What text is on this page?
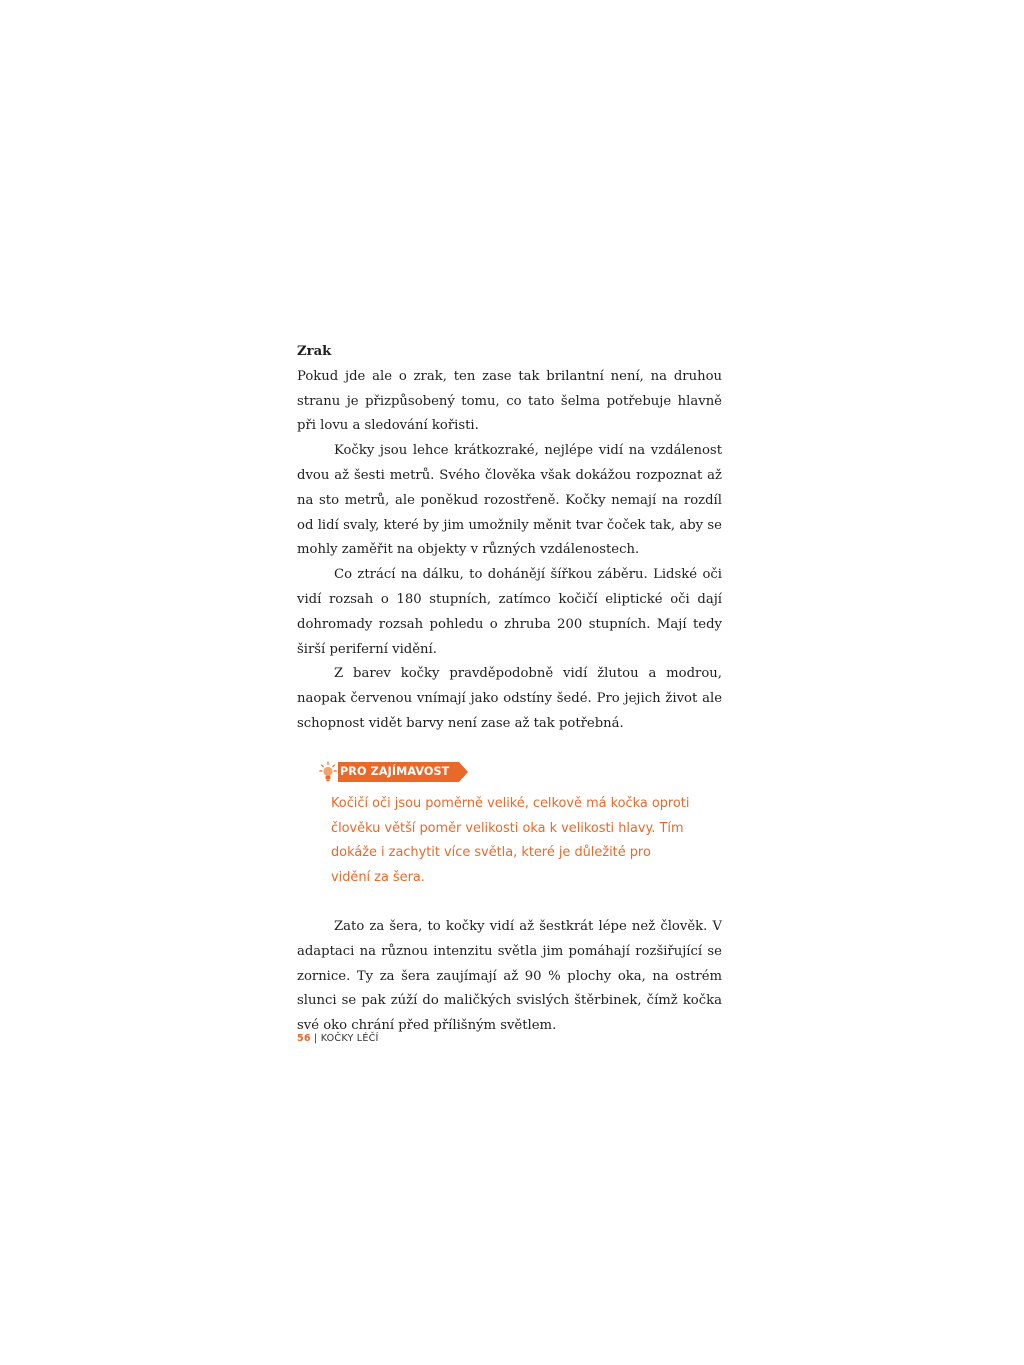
Zrak

Pokud jde ale o zrak, ten zase tak brilantní není, na druhou stranu je přizpůsobený tomu, co tato šelma potřebuje hlavně při lovu a sledování kořisti.

Kočky jsou lehce krátkozraké, nejlépe vidí na vzdálenost dvou až šesti metrů. Svého člověka však dokážou rozpoznat až na sto metrů, ale poněkud rozostřeně. Kočky nemají na rozdíl od lidí svaly, které by jim umožnily měnit tvar čoček tak, aby se mohly zaměřit na objekty v různých vzdálenostech.

Co ztrácí na dálku, to dohánějí šířkou záběru. Lidské oči vidí rozsah o 180 stupních, zatímco kočičí eliptické oči dají dohromady rozsah pohledu o zhruba 200 stupních. Mají tedy širší periferní vidění.

Z barev kočky pravděpodobně vidí žlutou a modrou, naopak červenou vnímají jako odstíny šedé. Pro jejich život ale schopnost vidět barvy není zase až tak potřebná.

PRO ZAJÍMAVOST

Kočičí oči jsou poměrně veliké, celkově má kočka oproti člověku větší poměr velikosti oka k velikosti hlavy. Tím dokáže i zachytit více světla, které je důležité pro vidění za šera.

Zato za šera, to kočky vidí až šestkrát lépe než člověk. V adaptaci na různou intenzitu světla jim pomáhají rozšiřující se zornice. Ty za šera zaujímají až 90 % plochy oka, na ostrém slunci se pak zúží do maličkých svislých štěrbinek, čímž kočka své oko chrání před přílišným světlem.

56 | KOČKY LÉČÍ
